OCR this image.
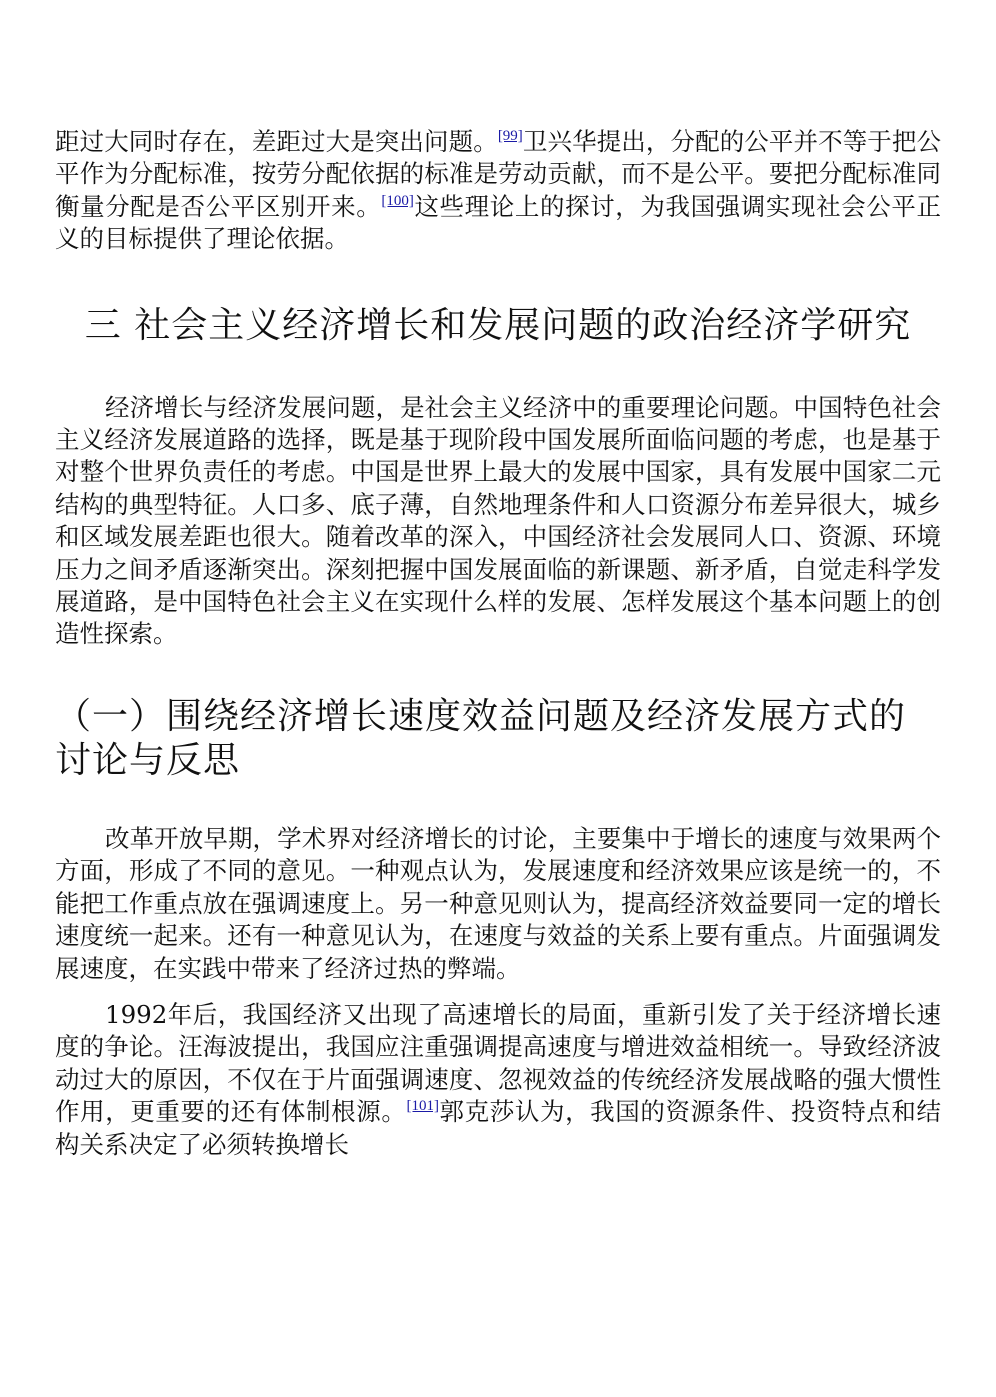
距过大同时存在，差距过大是突出问题。[99]卫兴华提出，分配的公平并不等于把公平作为分配标准，按劳分配依据的标准是劳动贡献，而不是公平。要把分配标准同衡量分配是否公平区别开来。[100]这些理论上的探讨，为我国强调实现社会公平正义的目标提供了理论依据。

三 社会主义经济增长和发展问题的政治经济学研究

经济增长与经济发展问题，是社会主义经济中的重要理论问题。中国特色社会主义经济发展道路的选择，既是基于现阶段中国发展所面临问题的考虑，也是基于对整个世界负责任的考虑。中国是世界上最大的发展中国家，具有发展中国家二元结构的典型特征。人口多、底子薄，自然地理条件和人口资源分布差异很大，城乡和区域发展差距也很大。随着改革的深入，中国经济社会发展同人口、资源、环境压力之间矛盾逐渐突出。深刻把握中国发展面临的新课题、新矛盾，自觉走科学发展道路，是中国特色社会主义在实现什么样的发展、怎样发展这个基本问题上的创造性探索。

（一）围绕经济增长速度效益问题及经济发展方式的讨论与反思

改革开放早期，学术界对经济增长的讨论，主要集中于增长的速度与效果两个方面，形成了不同的意见。一种观点认为，发展速度和经济效果应该是统一的，不能把工作重点放在强调速度上。另一种意见则认为，提高经济效益要同一定的增长速度统一起来。还有一种意见认为，在速度与效益的关系上要有重点。片面强调发展速度，在实践中带来了经济过热的弊端。

1992年后，我国经济又出现了高速增长的局面，重新引发了关于经济增长速度的争论。汪海波提出，我国应注重强调提高速度与增进效益相统一。导致经济波动过大的原因，不仅在于片面强调速度、忽视效益的传统经济发展战略的强大惯性作用，更重要的还有体制根源。[101]郭克莎认为，我国的资源条件、投资特点和结构关系决定了必须转换增长
